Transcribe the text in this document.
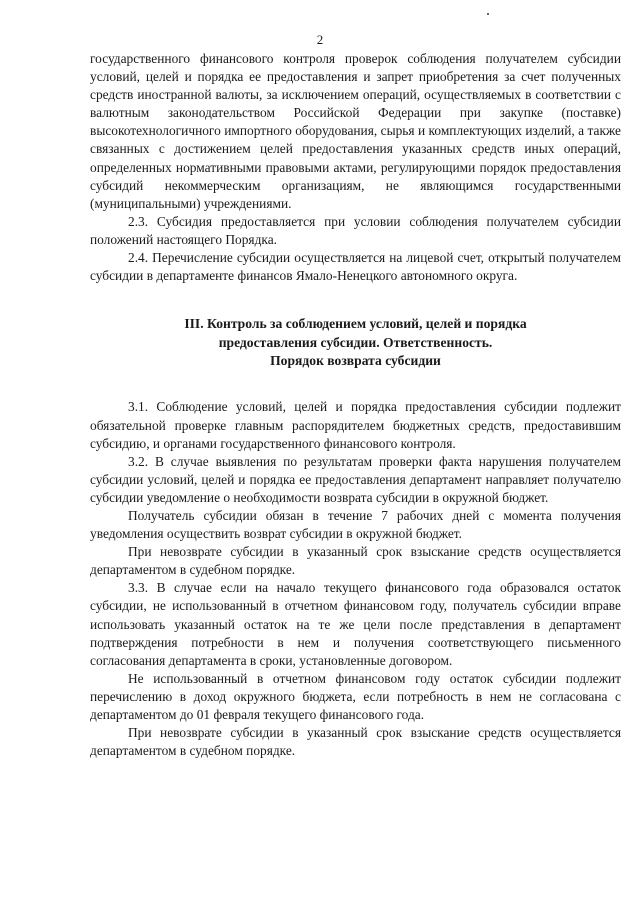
2

государственного финансового контроля проверок соблюдения получателем субсидии условий, целей и порядка ее предоставления и запрет приобретения за счет полученных средств иностранной валюты, за исключением операций, осуществляемых в соответствии с валютным законодательством Российской Федерации при закупке (поставке) высокотехнологичного импортного оборудования, сырья и комплектующих изделий, а также связанных с достижением целей предоставления указанных средств иных операций, определенных нормативными правовыми актами, регулирующими порядок предоставления субсидий некоммерческим организациям, не являющимся государственными (муниципальными) учреждениями.

2.3. Субсидия предоставляется при условии соблюдения получателем субсидии положений настоящего Порядка.

2.4. Перечисление субсидии осуществляется на лицевой счет, открытый получателем субсидии в департаменте финансов Ямало-Ненецкого автономного округа.

III. Контроль за соблюдением условий, целей и порядка
предоставления субсидии. Ответственность.
Порядок возврата субсидии

3.1. Соблюдение условий, целей и порядка предоставления субсидии подлежит обязательной проверке главным распорядителем бюджетных средств, предоставившим субсидию, и органами государственного финансового контроля.

3.2. В случае выявления по результатам проверки факта нарушения получателем субсидии условий, целей и порядка ее предоставления департамент направляет получателю субсидии уведомление о необходимости возврата субсидии в окружной бюджет.

Получатель субсидии обязан в течение 7 рабочих дней с момента получения уведомления осуществить возврат субсидии в окружной бюджет.

При невозврате субсидии в указанный срок взыскание средств осуществляется департаментом в судебном порядке.

3.3. В случае если на начало текущего финансового года образовался остаток субсидии, не использованный в отчетном финансовом году, получатель субсидии вправе использовать указанный остаток на те же цели после представления в департамент подтверждения потребности в нем и получения соответствующего письменного согласования департамента в сроки, установленные договором.

Не использованный в отчетном финансовом году остаток субсидии подлежит перечислению в доход окружного бюджета, если потребность в нем не согласована с департаментом до 01 февраля текущего финансового года.

При невозврате субсидии в указанный срок взыскание средств осуществляется департаментом в судебном порядке.
